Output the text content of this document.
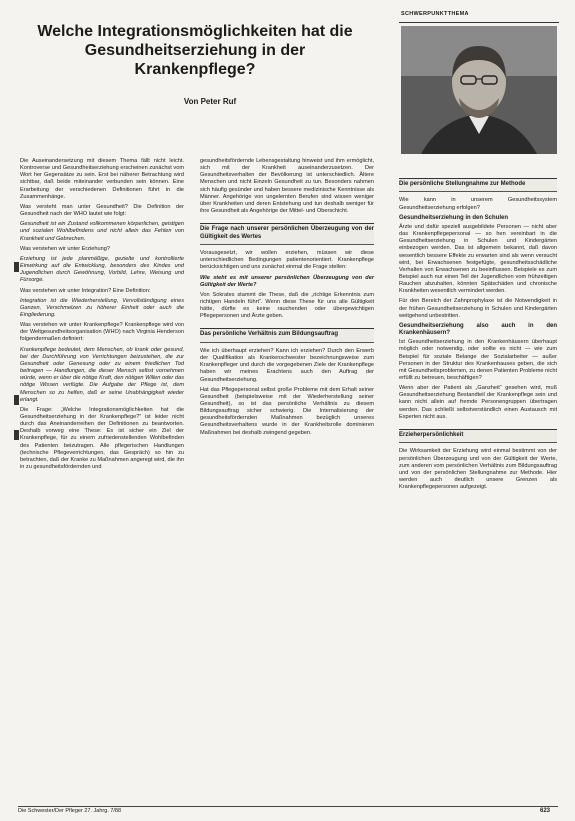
Welche Integrationsmöglichkeiten hat die Gesundheitserziehung in der Krankenpflege?
Von Peter Ruf
SCHWERPUNKTTHEMA

Die Auseinandersetzung mit diesem Thema fällt nicht leicht. Kontroverse und Gesundheitserziehung erscheinen zunächst vom Wort her Gegensätze zu sein. Erst bei näherer Betrachtung wird sichtbar, daß beide miteinander verbunden sein können. Eine Erarbeitung der verschiedenen Definitionen führt in die Zusammenhänge.

Was versteht man unter Gesundheit? Die Definition der Gesundheit nach der WHO lautet wie folgt:

Gesundheit ist ein Zustand vollkommenen körperlichen, geistigen und sozialen Wohlbefindens und nicht allein das Fehlen von Krankheit und Gebrechen.

Was verstehen wir unter Erziehung?

Erziehung ist jede planmäßige, gezielte und kontrollierte Einwirkung auf die Entwicklung, besonders des Kindes und Jugendlichen durch Gewöhnung, Vorbild, Lehre, Weisung und Fürsorge.

Was verstehen wir unter Integration? Eine Definition:

Integration ist die Wiederherstellung, Vervollständigung eines Ganzen, Verschmelzen zu höherer Einheit oder auch die Eingliederung.

Was verstehen wir unter Krankenpflege? Krankenpflege wird von der Weltgesundheitsorganisation (WHO) nach Virginia Henderson folgendermaßen definiert:

Krankenpflege bedeutet, dem Menschen, ob krank oder gesund, bei der Durchführung von Verrichtungen beizustehen, die zur Gesundheit oder Genesung oder zu einem friedlichen Tod beitragen — Handlungen, die dieser Mensch selbst vornehmen würde, wenn er über die nötige Kraft, den nötigen Willen oder das nötige Wissen verfügte. Die Aufgabe der Pflege ist, dem Menschen so zu helfen, daß er seine Unabhängigkeit wieder erlangt.

Die Frage: „Welche Integrationsmöglichkeiten hat die Gesundheitserziehung in der Krankenpflege?“ ist leider nicht durch das Aneinanderreihen der Definitionen zu beantworten. Deshalb vorweg eine These: Es ist sicher ein Ziel der Krankenpflege, für zu einem zufriedenstellenden Wohlbefinden des Patienten beizutragen. Alle pflegerischen Handlungen (technische Pflegeverrichtungen, das Gespräch) so hin zu betrachten, daß der Kranke zu Maßnahmen angeregt wird, die ihn in zu gesundheitsfördernden und

gesundheitsfördernde Lebensgestaltung hinweist und ihm ermöglicht, sich mit der Krankheit auseinanderzusetzen. Der Gesundheitsverhalten der Bevölkerung ist unterschiedlich. Ältere Menschen und nicht Einzeln Gesundheit zu tun. Besonders nahmen sich häufig gesünder und haben bessere medizinische Kenntnisse als Männer. Angehörige von ungelernten Berufen sind wissen weniger über Krankheiten und deren Entstehung und tun deshalb weniger für ihre Gesundheit als Angehörige der Mittel- und Oberschicht.

Die Frage nach unserer persönlichen Überzeugung von der Gültigkeit des Wertes

Vorausgesetzt, wir wollen erziehen, müssen wir diese unterschiedlichen Bedingungen patientenorientiert. Krankenpflege berücksichtigen und uns zunächst einmal die Frage stellen:

Wie steht es mit unserer persönlichen Überzeugung von der Gültigkeit der Werte?

Von Sokrates stammt die These, daß die „richtige Erkenntnis zum richtigen Handeln führt“. Wenn diese These für uns alle Gültigkeit hätte, dürfte es keine rauchenden oder übergewichtigen Pflegepersonen und Ärzte geben.

Das persönliche Verhältnis zum Bildungsauftrag

Wie ich überhaupt erziehen? Kann ich erziehen? Durch den Erwerb der Qualifikation als Krankenschwester bezeichnungsweise zum Krankenpfleger und durch die vorgegebenen Ziele der Krankenpflege haben wir meines Erachtens auch den Auftrag der Gesundheitserziehung.

Hat das Pflegepersonal selbst große Probleme mit dem Erhalt seiner Gesundheit (beispielsweise mit der Wiederherstellung seiner Gesundheit), so ist das persönliche Verhältnis zu diesem Bildungsauftrag sicher schwierig. Die Internalisierung der gesundheitsfördernden Maßnahmen bezüglich unseres Gesundheitsverhaltens wurde in der Krankheitsrolle dominieren Maßnahmen bei deshalb zwingend gegeben.

Die persönliche Stellungnahme zur Methode

Wie kann in unserem Gesundheitssystem Gesundheitserziehung erfolgen?

Gesundheitserziehung in den Schulen

Ärzte und dafür speziell ausgebildete Personen — nicht aber das Krankenpflegepersonal — so hen vereinbart in die Gesundheitserziehung in Schulen und Kindergärten einbezogen werden. Das ist allgemein bekannt, daß davon wesentlich bessere Effekte zu erwarten sind als wenn versucht wird, bei Erwachsenen festgefügte, gesundheitsschädliche Verhalten von Erwachsenen zu beeinflussen. Beispiele es zum Beispiel auch nur einen Teil der Jugendlichen vom frühzeitigen Rauchen abzuhalten, könnten Spätschäden und chronische Krankheiten wesentlich vermindert werden.

Für den Bereich der Zahnprophylaxe ist die Notwendigkeit in der frühen Gesundheitserziehung in Schulen und Kindergärten weitgehend unbestritten.

Gesundheitserziehung also auch in den Krankenhäusern?

Ist Gesundheitserziehung in den Krankenhäusern überhaupt möglich oder notwendig, oder sollte es nicht — wie zum Beispiel für soziale Belange der Sozialarbeiter — außer Personen in der Struktur des Krankenhauses geben, die sich mit Gesundheitsproblemen, zu denen Patienten Probleme nicht erfüllt zu betreuen, beschäftigen?

Wenn aber der Patient als „Ganzheit“ gesehen wird, muß Gesundheitserziehung Bestandteil der Krankenpflege sein und kann nicht allein auf fremde Personengruppen übertragen werden. Das schließt selbstverständlich einen Austausch mit Experten nicht aus.

Erzieherpersönlichkeit

Die Wirksamkeit der Erziehung wird einmal bestimmt von der persönlichen Überzeugung und von der Gültigkeit der Werte, zum anderen vom persönlichen Verhältnis zum Bildungsauftrag und von der persönlichen Stellungnahme zur Methode. Hier werden auch deutlich unsere Grenzen als Krankenpflegepersonen aufgezeigt.

Die Schwester/Der Pfleger 27. Jahrg. 7/88	623
